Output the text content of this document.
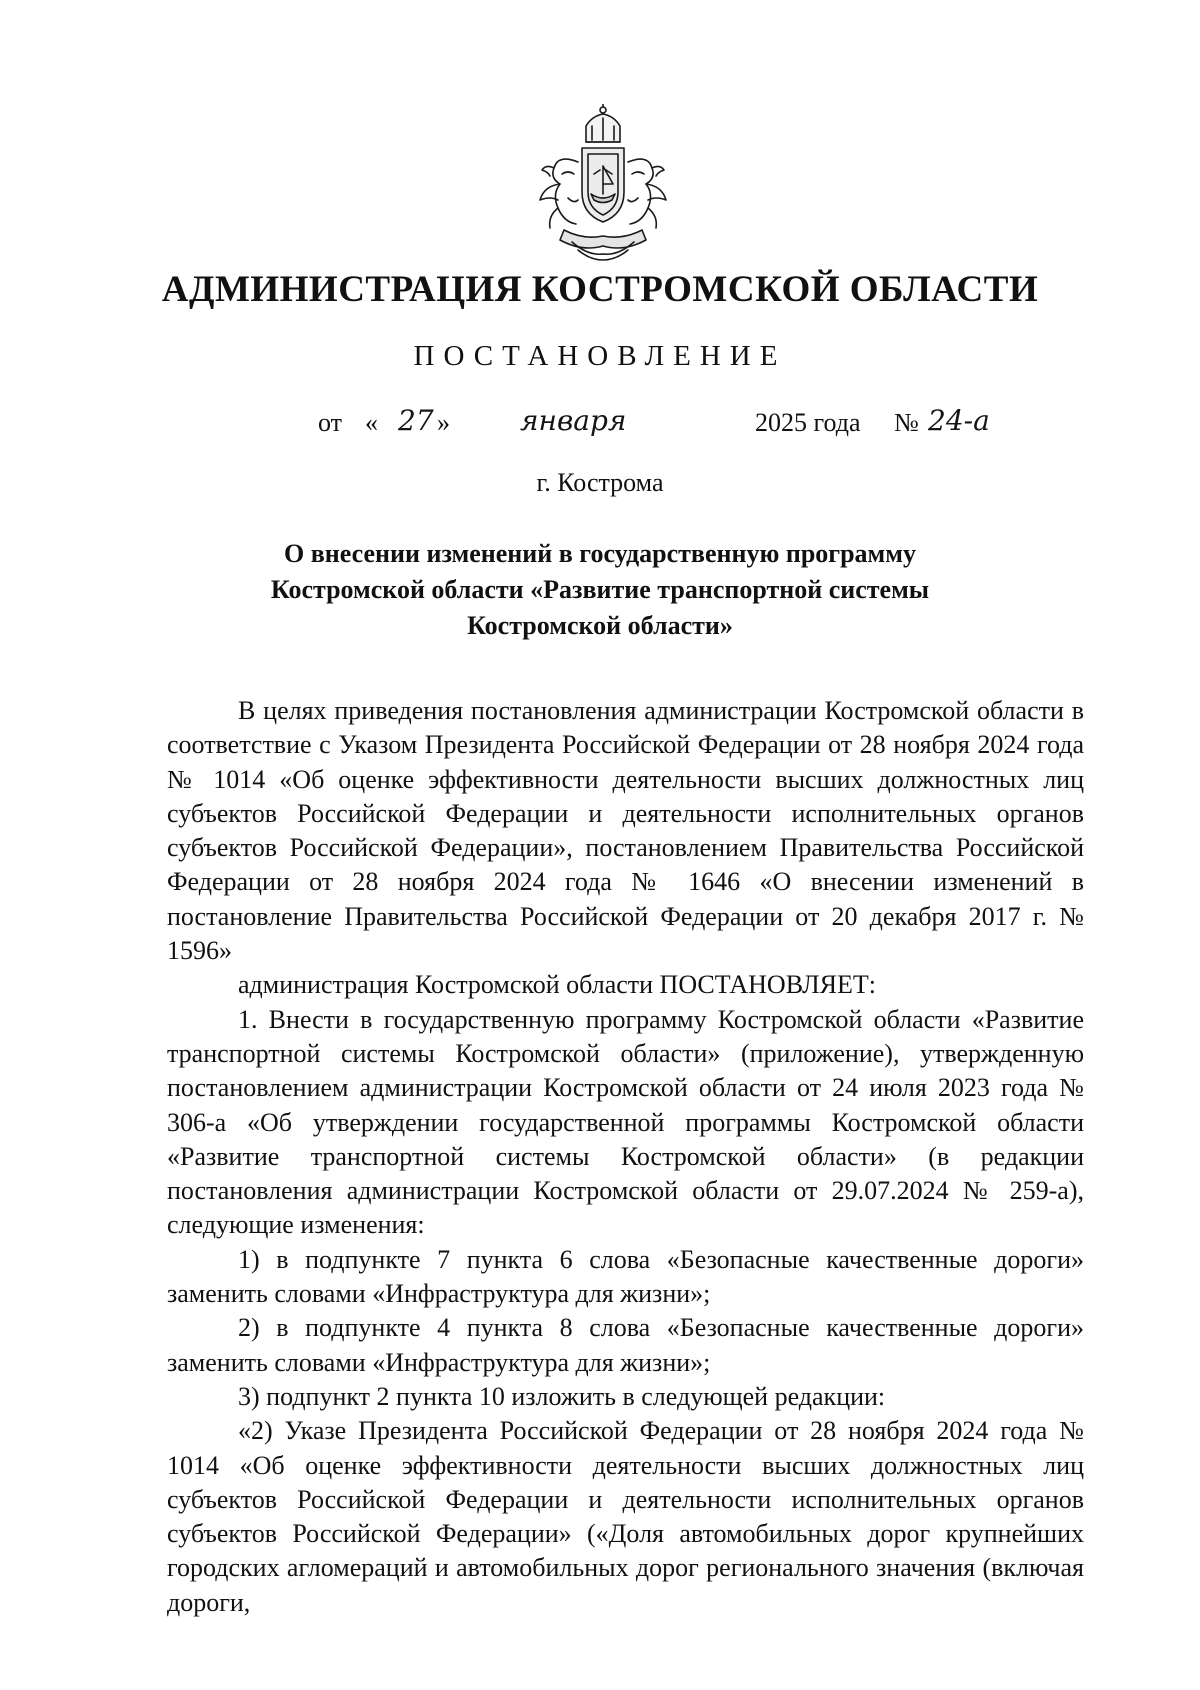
АДМИНИСТРАЦИЯ КОСТРОМСКОЙ ОБЛАСТИ
ПОСТАНОВЛЕНИЕ
от « 27 »	января	2025 года № 24-а
г. Кострома
О внесении изменений в государственную программу
Костромской области «Развитие транспортной системы
Костромской области»

В целях приведения постановления администрации Костромской области в соответствие с Указом Президента Российской Федерации от 28 ноября 2024 года № 1014 «Об оценке эффективности деятельности высших должностных лиц субъектов Российской Федерации и деятельности исполнительных органов субъектов Российской Федерации», постановлением Правительства Российской Федерации от 28 ноября 2024 года № 1646 «О внесении изменений в постановление Правительства Российской Федерации от 20 декабря 2017 г. № 1596»

администрация Костромской области ПОСТАНОВЛЯЕТ:

1. Внести в государственную программу Костромской области «Развитие транспортной системы Костромской области» (приложение), утвержденную постановлением администрации Костромской области от 24 июля 2023 года № 306-а «Об утверждении государственной программы Костромской области «Развитие транспортной системы Костромской области» (в редакции постановления администрации Костромской области от 29.07.2024 № 259-а), следующие изменения:

1) в подпункте 7 пункта 6 слова «Безопасные качественные дороги» заменить словами «Инфраструктура для жизни»;

2) в подпункте 4 пункта 8 слова «Безопасные качественные дороги» заменить словами «Инфраструктура для жизни»;

3) подпункт 2 пункта 10 изложить в следующей редакции:

«2) Указе Президента Российской Федерации от 28 ноября 2024 года № 1014 «Об оценке эффективности деятельности высших должностных лиц субъектов Российской Федерации и деятельности исполнительных органов субъектов Российской Федерации» («Доля автомобильных дорог крупнейших городских агломераций и автомобильных дорог регионального значения (включая дороги,
